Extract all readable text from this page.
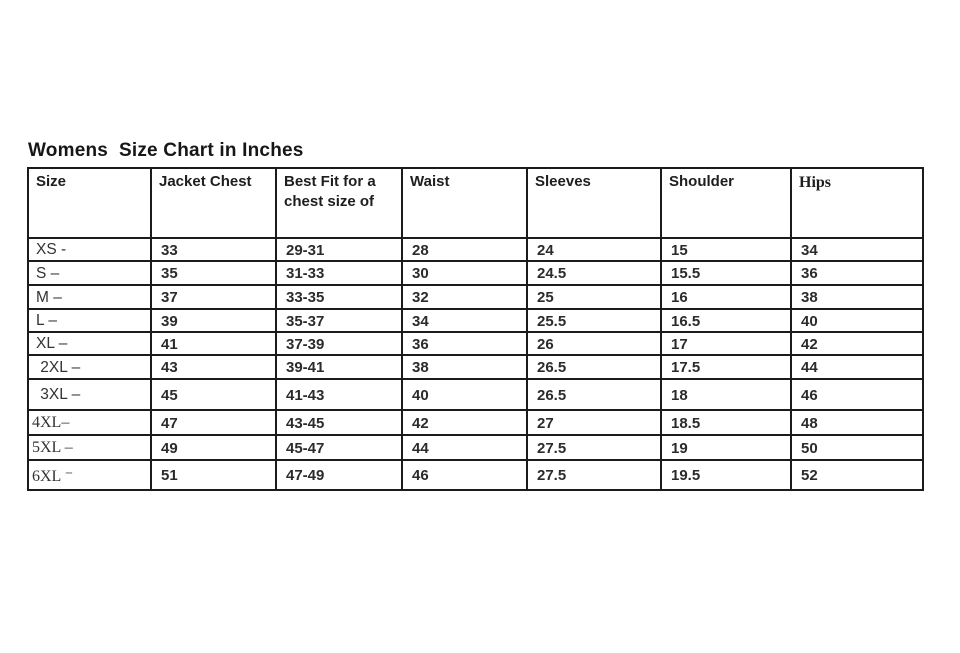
Womens  Size Chart in Inches
Size	Jacket Chest	Best Fit for a chest size of	Waist	Sleeves	Shoulder	Hips
XS -	33	29-31	28	24	15	34
S –	35	31-33	30	24.5	15.5	36
M –	37	33-35	32	25	16	38
L –	39	35-37	34	25.5	16.5	40
XL –	41	37-39	36	26	17	42
2XL –	43	39-41	38	26.5	17.5	44
3XL –	45	41-43	40	26.5	18	46
4XL–	47	43-45	42	27	18.5	48
5XL –	49	45-47	44	27.5	19	50
6XL ⁻	51	47-49	46	27.5	19.5	52
